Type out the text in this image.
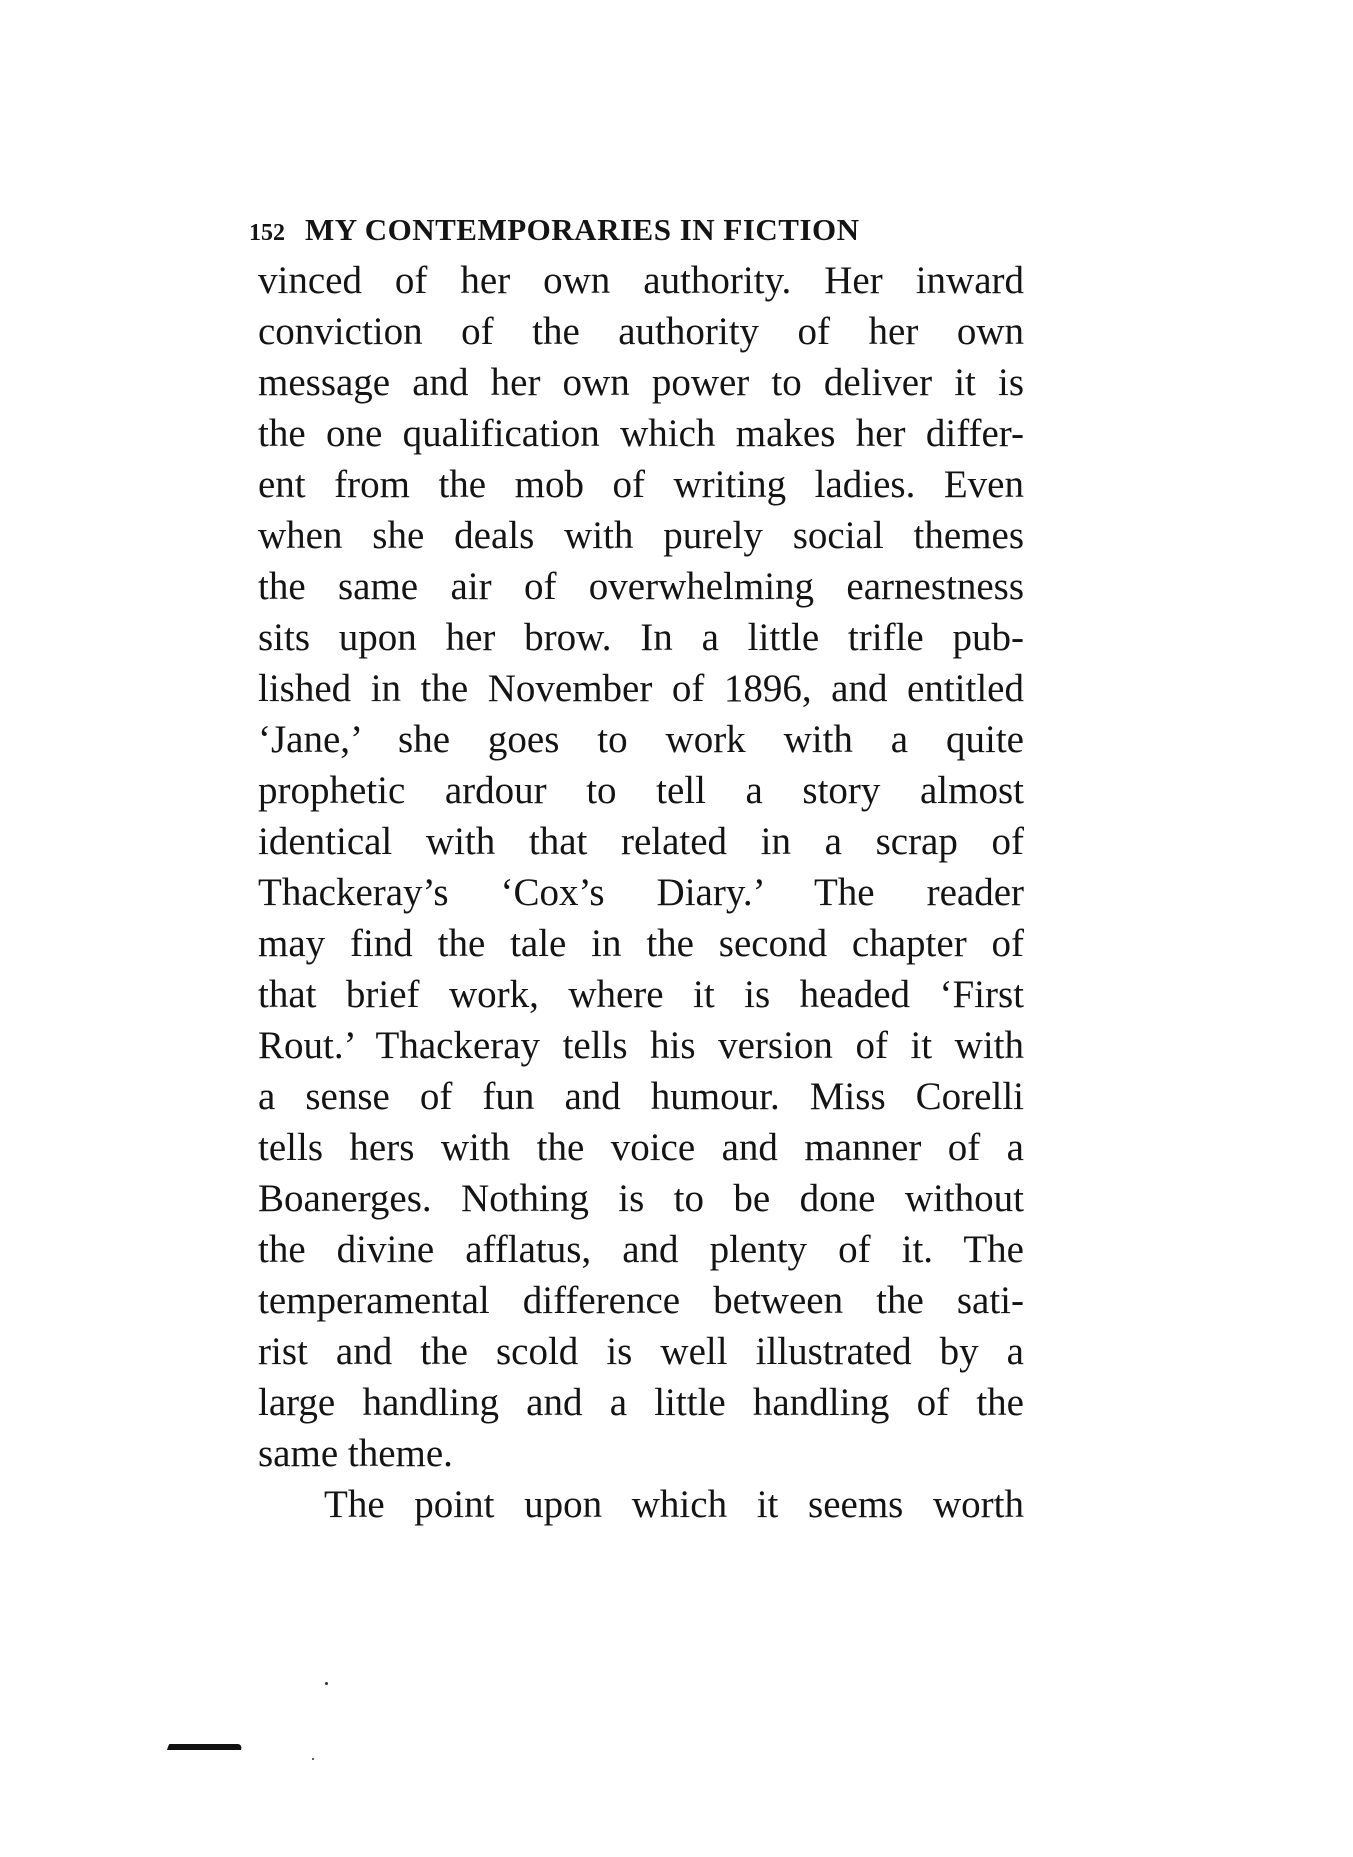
152 MY CONTEMPORARIES IN FICTION
vinced of her own authority. Her inward
conviction of the authority of her own
message and her own power to deliver it is
the one qualification which makes her differ-
ent from the mob of writing ladies. Even
when she deals with purely social themes
the same air of overwhelming earnestness
sits upon her brow. In a little trifle pub-
lished in the November of 1896, and entitled
‘Jane,’ she goes to work with a quite
prophetic ardour to tell a story almost
identical with that related in a scrap of
Thackeray’s ‘Cox’s Diary.’ The reader
may find the tale in the second chapter of
that brief work, where it is headed ‘First
Rout.’ Thackeray tells his version of it with
a sense of fun and humour. Miss Corelli
tells hers with the voice and manner of a
Boanerges. Nothing is to be done without
the divine afflatus, and plenty of it. The
temperamental difference between the sati-
rist and the scold is well illustrated by a
large handling and a little handling of the
same theme.
The point upon which it seems worth
